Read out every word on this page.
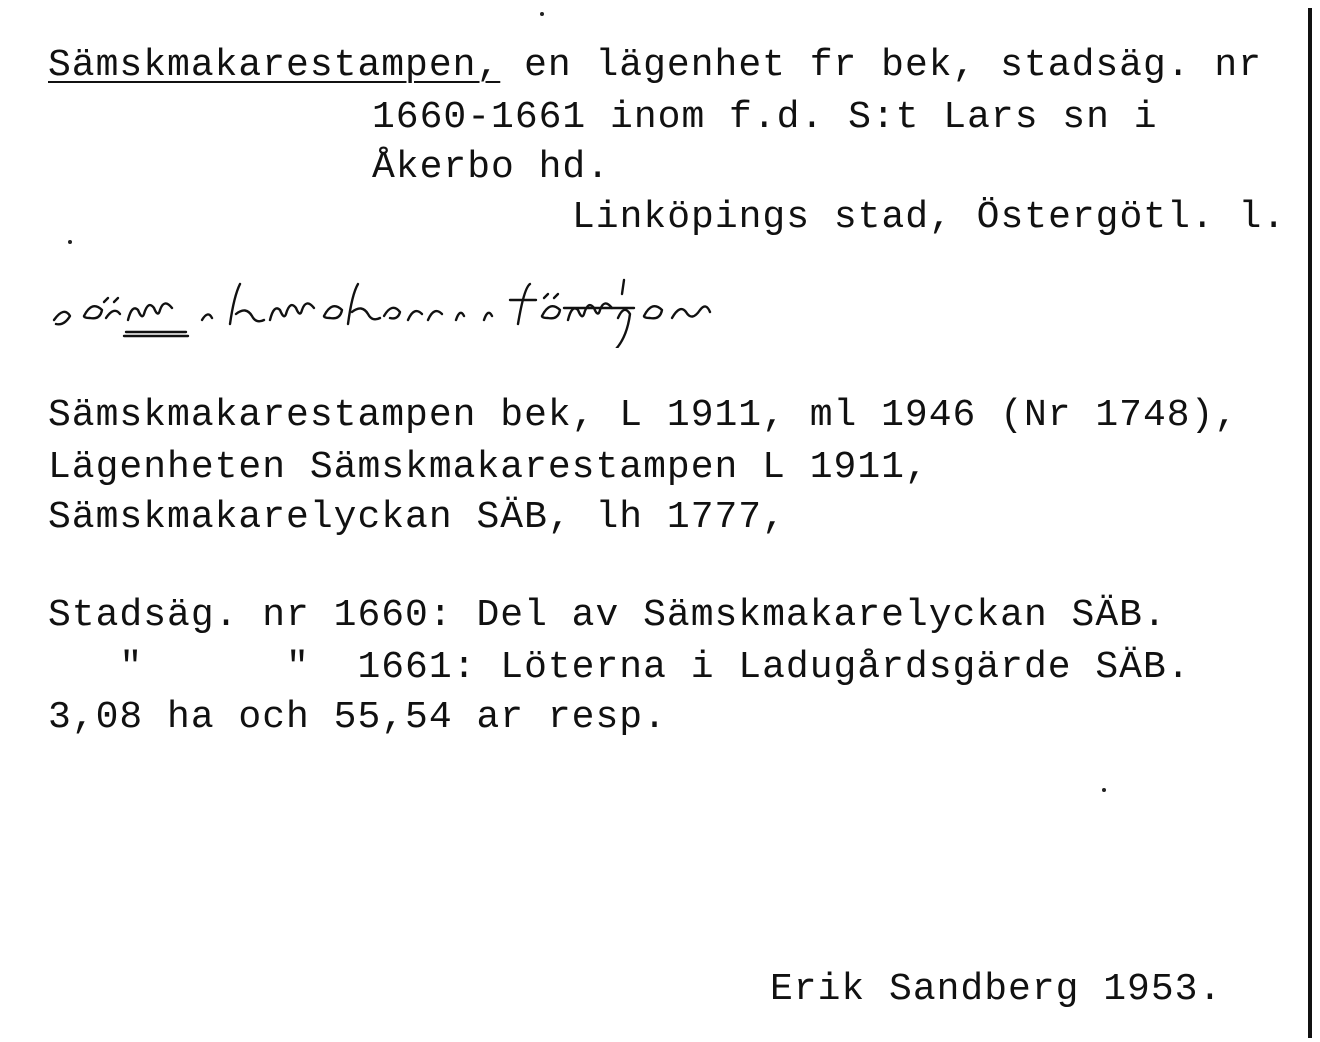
Sämskmakarestampen, en lägenhet fr bek, stadsäg. nr
1660-1661 inom f.d. S:t Lars sn i
Åkerbo hd.
Linköpings stad, Östergötl. l.
Sämskmakarestampen bek, L 1911, ml 1946 (Nr 1748),
Lägenheten Sämskmakarestampen L 1911,
Sämskmakarelyckan SÄB, lh 1777,
Stadsäg. nr 1660: Del av Sämskmakarelyckan SÄB.
"      "  1661: Löterna i Ladugårdsgärde SÄB.
3,08 ha och 55,54 ar resp.
Erik Sandberg 1953.
